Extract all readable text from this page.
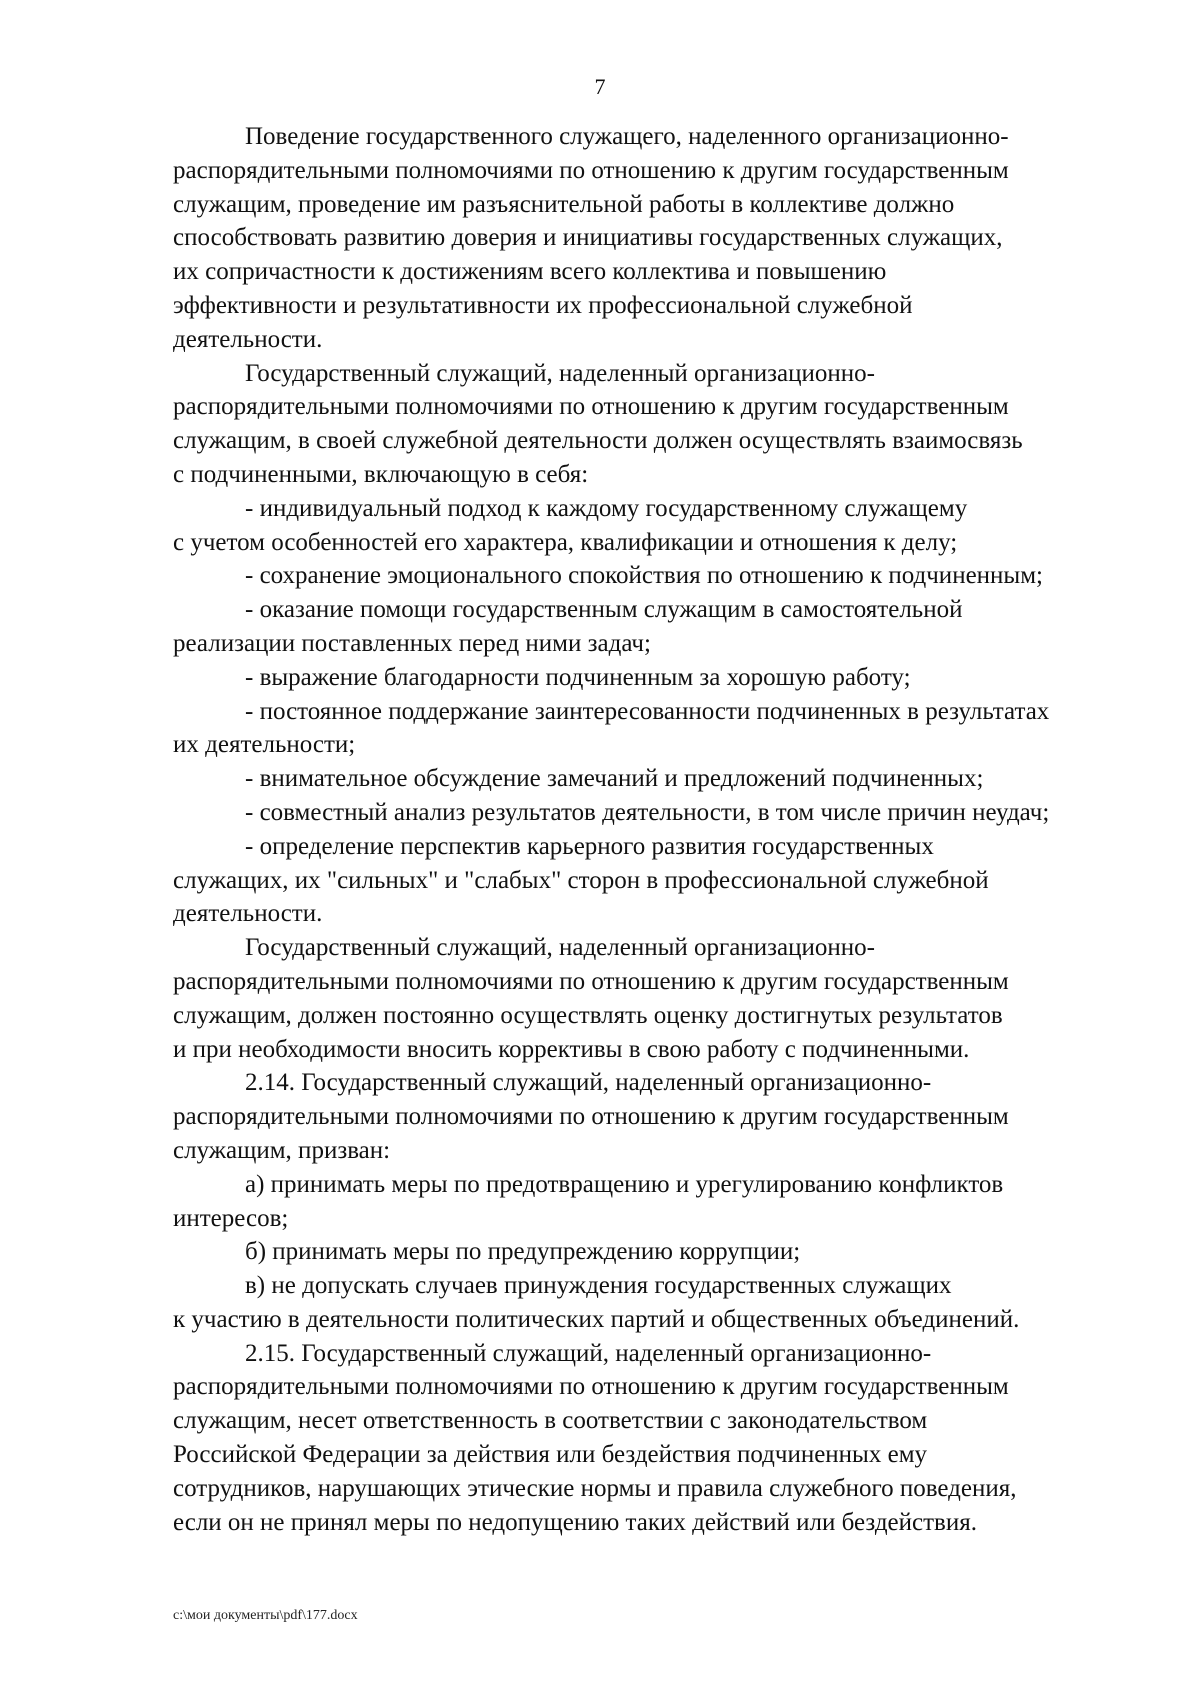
7

Поведение государственного служащего, наделенного организационно-
распорядительными полномочиями по отношению к другим государственным
служащим, проведение им разъяснительной работы в коллективе должно
способствовать развитию доверия и инициативы государственных служащих,
их сопричастности к достижениям всего коллектива и повышению
эффективности и результативности их профессиональной служебной
деятельности.

Государственный служащий, наделенный организационно-
распорядительными полномочиями по отношению к другим государственным
служащим, в своей служебной деятельности должен осуществлять взаимосвязь
с подчиненными, включающую в себя:

- индивидуальный подход к каждому государственному служащему
с учетом особенностей его характера, квалификации и отношения к делу;

- сохранение эмоционального спокойствия по отношению к подчиненным;

- оказание помощи государственным служащим в самостоятельной
реализации поставленных перед ними задач;

- выражение благодарности подчиненным за хорошую работу;

- постоянное поддержание заинтересованности подчиненных в результатах
их деятельности;

- внимательное обсуждение замечаний и предложений подчиненных;

- совместный анализ результатов деятельности, в том числе причин неудач;

- определение перспектив карьерного развития государственных
служащих, их "сильных" и "слабых" сторон в профессиональной служебной
деятельности.

Государственный служащий, наделенный организационно-
распорядительными полномочиями по отношению к другим государственным
служащим, должен постоянно осуществлять оценку достигнутых результатов
и при необходимости вносить коррективы в свою работу с подчиненными.

2.14. Государственный служащий, наделенный организационно-
распорядительными полномочиями по отношению к другим государственным
служащим, призван:

а) принимать меры по предотвращению и урегулированию конфликтов
интересов;

б) принимать меры по предупреждению коррупции;

в) не допускать случаев принуждения государственных служащих
к участию в деятельности политических партий и общественных объединений.

2.15. Государственный служащий, наделенный организационно-
распорядительными полномочиями по отношению к другим государственным
служащим, несет ответственность в соответствии с законодательством
Российской Федерации за действия или бездействия подчиненных ему
сотрудников, нарушающих этические нормы и правила служебного поведения,
если он не принял меры по недопущению таких действий или бездействия.

c:\мои документы\pdf\177.docx
